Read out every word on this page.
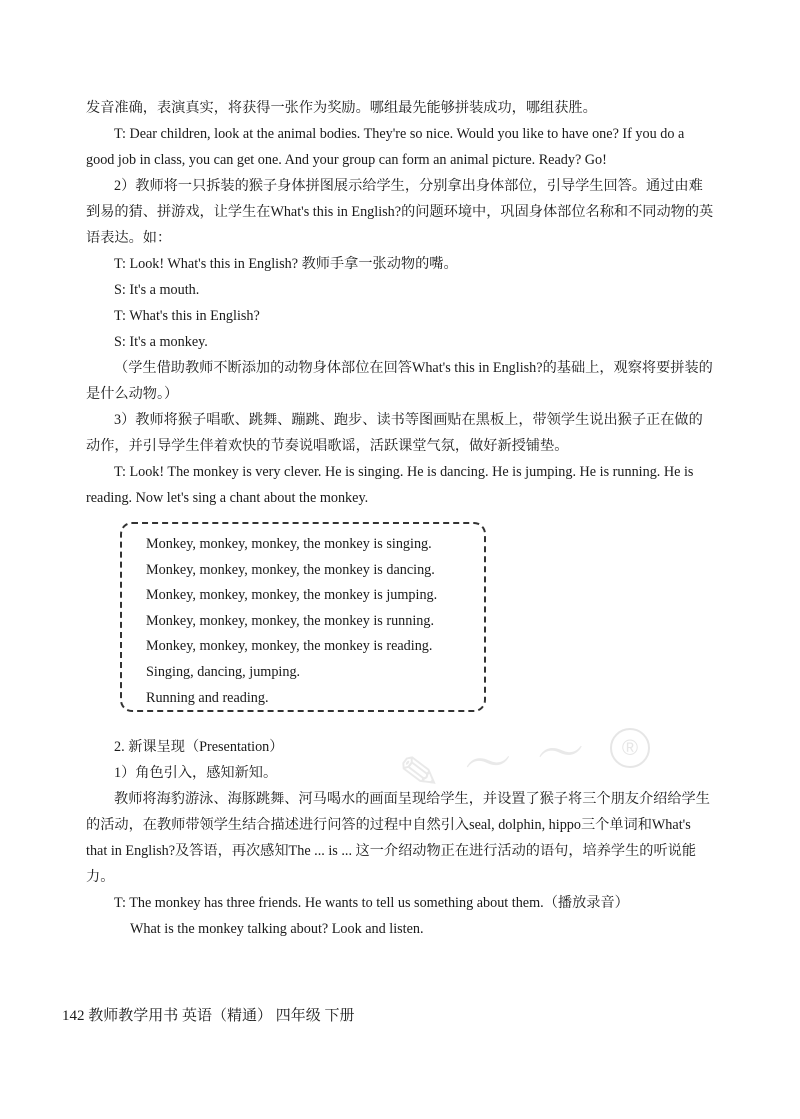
发音准确，表演真实，将获得一张作为奖励。哪组最先能够拼装成功，哪组获胜。

T: Dear children, look at the animal bodies. They're so nice. Would you like to have one? If you do a good job in class, you can get one. And your group can form an animal picture. Ready? Go!

2）教师将一只拆装的猴子身体拼图展示给学生，分别拿出身体部位，引导学生回答。通过由难到易的猜、拼游戏，让学生在What's this in English?的问题环境中，巩固身体部位名称和不同动物的英语表达。如：

T: Look! What's this in English? 教师手拿一张动物的嘴。

S: It's a mouth.

T: What's this in English?

S: It's a monkey.

（学生借助教师不断添加的动物身体部位在回答What's this in English?的基础上，观察将要拼装的是什么动物。）

3）教师将猴子唱歌、跳舞、蹦跳、跑步、读书等图画贴在黑板上，带领学生说出猴子正在做的动作，并引导学生伴着欢快的节奏说唱歌谣，活跃课堂气氛，做好新授铺垫。

T: Look! The monkey is very clever. He is singing. He is dancing. He is jumping. He is running. He is reading. Now let's sing a chant about the monkey.

Monkey, monkey, monkey, the monkey is singing.
Monkey, monkey, monkey, the monkey is dancing.
Monkey, monkey, monkey, the monkey is jumping.
Monkey, monkey, monkey, the monkey is running.
Monkey, monkey, monkey, the monkey is reading.
Singing, dancing, jumping.
Running and reading.
✎ 〜 〜	®

2. 新课呈现（Presentation）

1）角色引入，感知新知。

教师将海豹游泳、海豚跳舞、河马喝水的画面呈现给学生，并设置了猴子将三个朋友介绍给学生的活动，在教师带领学生结合描述进行问答的过程中自然引入seal, dolphin, hippo三个单词和What's that in English?及答语，再次感知The ... is ... 这一介绍动物正在进行活动的语句，培养学生的听说能力。

T: The monkey has three friends. He wants to tell us something about them.（播放录音）

What is the monkey talking about? Look and listen.

142 教师教学用书 英语（精通） 四年级 下册
